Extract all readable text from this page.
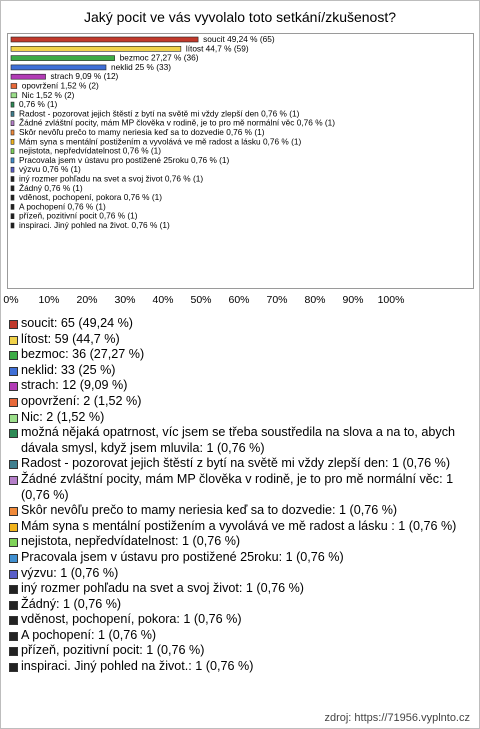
Jaký pocit ve vás vyvolalo toto setkání/zkušenost?
soucit 49,24 % (65)
lítost 44,7 % (59)
bezmoc 27,27 % (36)
neklid 25 % (33)
strach 9,09 % (12)
opovržení 1,52 % (2)
Nic 1,52 % (2)
0,76 % (1)
Radost - pozorovat jejich štěstí z bytí na světě mi vždy zlepší den 0,76 % (1)
Žádné zvláštní pocity, mám MP člověka v rodině, je to pro mě normální věc 0,76 % (1)
Skôr nevôľu prečo to mamy neriesia keď sa to dozvedie 0,76 % (1)
Mám syna s mentální postižením a vyvolává ve mě radost a lásku 0,76 % (1)
nejistota, nepředvídatelnost 0,76 % (1)
Pracovala jsem v ústavu pro postižené 25roku 0,76 % (1)
výzvu 0,76 % (1)
iný rozmer pohľadu na svet a svoj život 0,76 % (1)
Žádný 0,76 % (1)
vděnost, pochopení, pokora 0,76 % (1)
A pochopení 0,76 % (1)
přízeň, pozitivní pocit 0,76 % (1)
inspiraci. Jiný pohled na život. 0,76 % (1)
0% 10% 20% 30% 40% 50% 60% 70% 80% 90% 100%
soucit: 65 (49,24 %)
lítost: 59 (44,7 %)
bezmoc: 36 (27,27 %)
neklid: 33 (25 %)
strach: 12 (9,09 %)
opovržení: 2 (1,52 %)
Nic: 2 (1,52 %)
možná nějaká opatrnost, víc jsem se třeba soustředila na slova a na to, abych dávala smysl, když jsem mluvila: 1 (0,76 %)
Radost - pozorovat jejich štěstí z bytí na světě mi vždy zlepší den: 1 (0,76 %)
Žádné zvláštní pocity, mám MP člověka v rodině, je to pro mě normální věc: 1 (0,76 %)
Skôr nevôľu prečo to mamy neriesia keď sa to dozvedie: 1 (0,76 %)
Mám syna s mentální postižením a vyvolává ve mě radost a lásku : 1 (0,76 %)
nejistota, nepředvídatelnost: 1 (0,76 %)
Pracovala jsem v ústavu pro postižené 25roku: 1 (0,76 %)
výzvu: 1 (0,76 %)
iný rozmer pohľadu na svet a svoj život: 1 (0,76 %)
Žádný: 1 (0,76 %)
vděnost, pochopení, pokora: 1 (0,76 %)
A pochopení: 1 (0,76 %)
přízeň, pozitivní pocit: 1 (0,76 %)
inspiraci. Jiný pohled na život.: 1 (0,76 %)
zdroj: https://71956.vyplnto.cz
